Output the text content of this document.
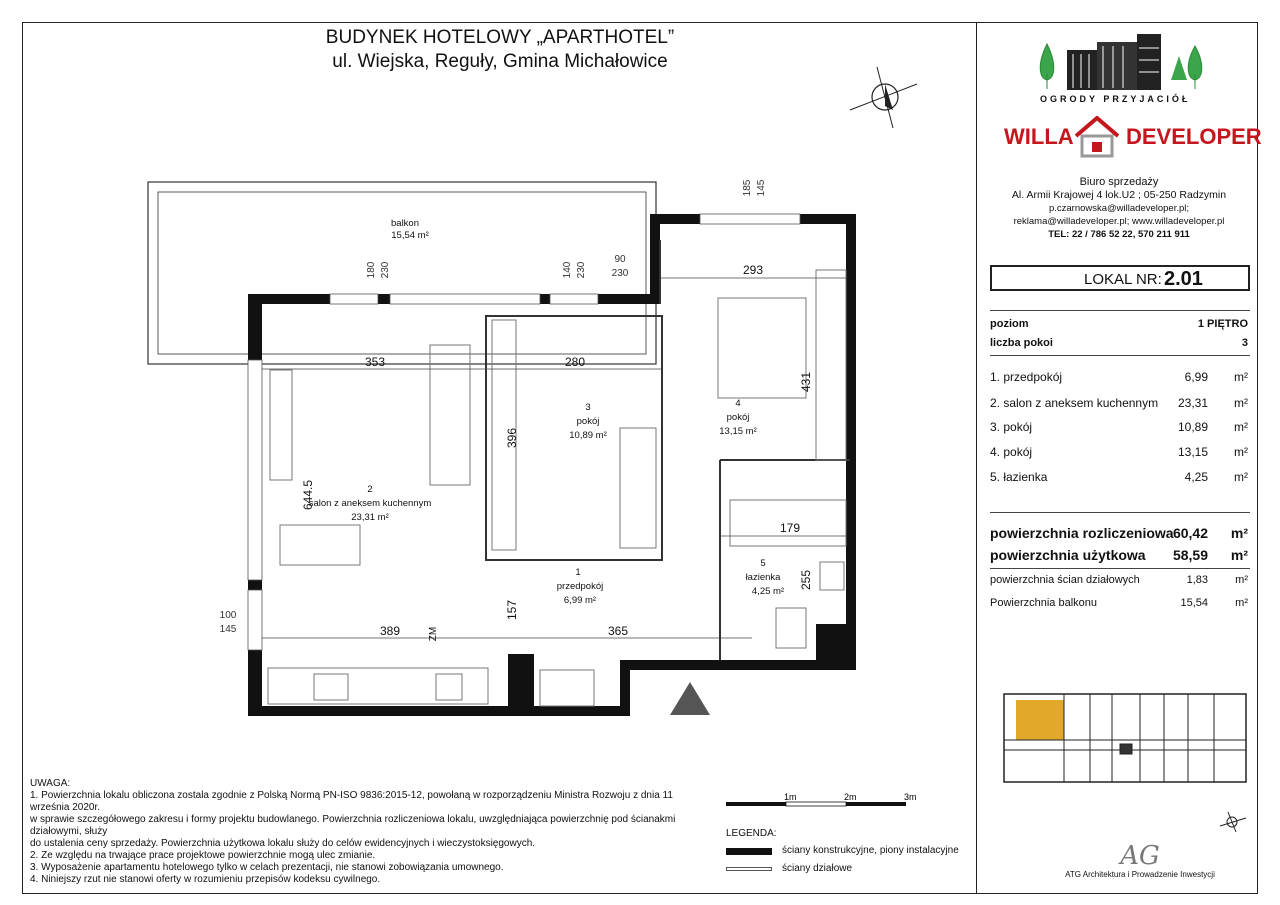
BUDYNEK HOTELOWY „APARTHOTEL”
ul. Wiejska, Reguły, Gmina Michałowice
OGRODY PRZYJACIÓŁ
WILLA DEVELOPER
Biuro sprzedaży
Al. Armii Krajowej 4 lok.U2 ; 05-250 Radzymin
p.czarnowska@willadeveloper.pl;
reklama@willadeveloper.pl; www.willadeveloper.pl
TEL: 22 / 786 52 22, 570 211 911
LOKAL NR: 2.01
poziom	1 PIĘTRO
liczba pokoi	3
1. przedpokój	6,99 m²
2. salon z aneksem kuchennym 23,31 m²
3. pokój	10,89 m²
4. pokój	13,15 m²
5. łazienka	4,25 m²
powierzchnia rozliczeniowa 60,42 m²
powierzchnia użytkowa 58,59 m²
powierzchnia ścian działowych	1,83 m²
Powierzchnia balkonu	15,54 m²
balkon
15,54 m²
2
salon z aneksem kuchennym
23,31 m²
3
pokój
10,89 m²
4
pokój
13,15 m²
1
przedpokój
6,99 m²
5
łazienka
4,25 m²
353	280
293
389	365
179
ZM
396
431
644.5
255
157
180 230	140 230
90
230
185 145
100
145
UWAGA:
1. Powierzchnia lokalu obliczona zostala zgodnie z Polską Normą PN-ISO 9836:2015-12, powołaną w rozporządzeniu Ministra Rozwoju z dnia 11 września 2020r.
w sprawie szczegółowego zakresu i formy projektu budowlanego. Powierzchnia rozliczeniowa lokalu, uwzględniająca powierzchnię pod ścianakmi działowymi, służy
do ustalenia ceny sprzedaży. Powierzchnia użytkowa lokalu służy do celów ewidencyjnych i wieczystoksięgowych.
2. Ze względu na trwające prace projektowe powierzchnie mogą ulec zmianie.
3. Wyposażenie apartamentu hotelowego tylko w celach prezentacji, nie stanowi zobowiązania umownego.
4. Niniejszy rzut nie stanowi oferty w rozumieniu przepisów kodeksu cywilnego.
1m	2m	3m
LEGENDA:
ściany konstrukcyjne, piony instalacyjne
ściany działowe	AG
ATG Architektura i Prowadzenie Inwestycji
